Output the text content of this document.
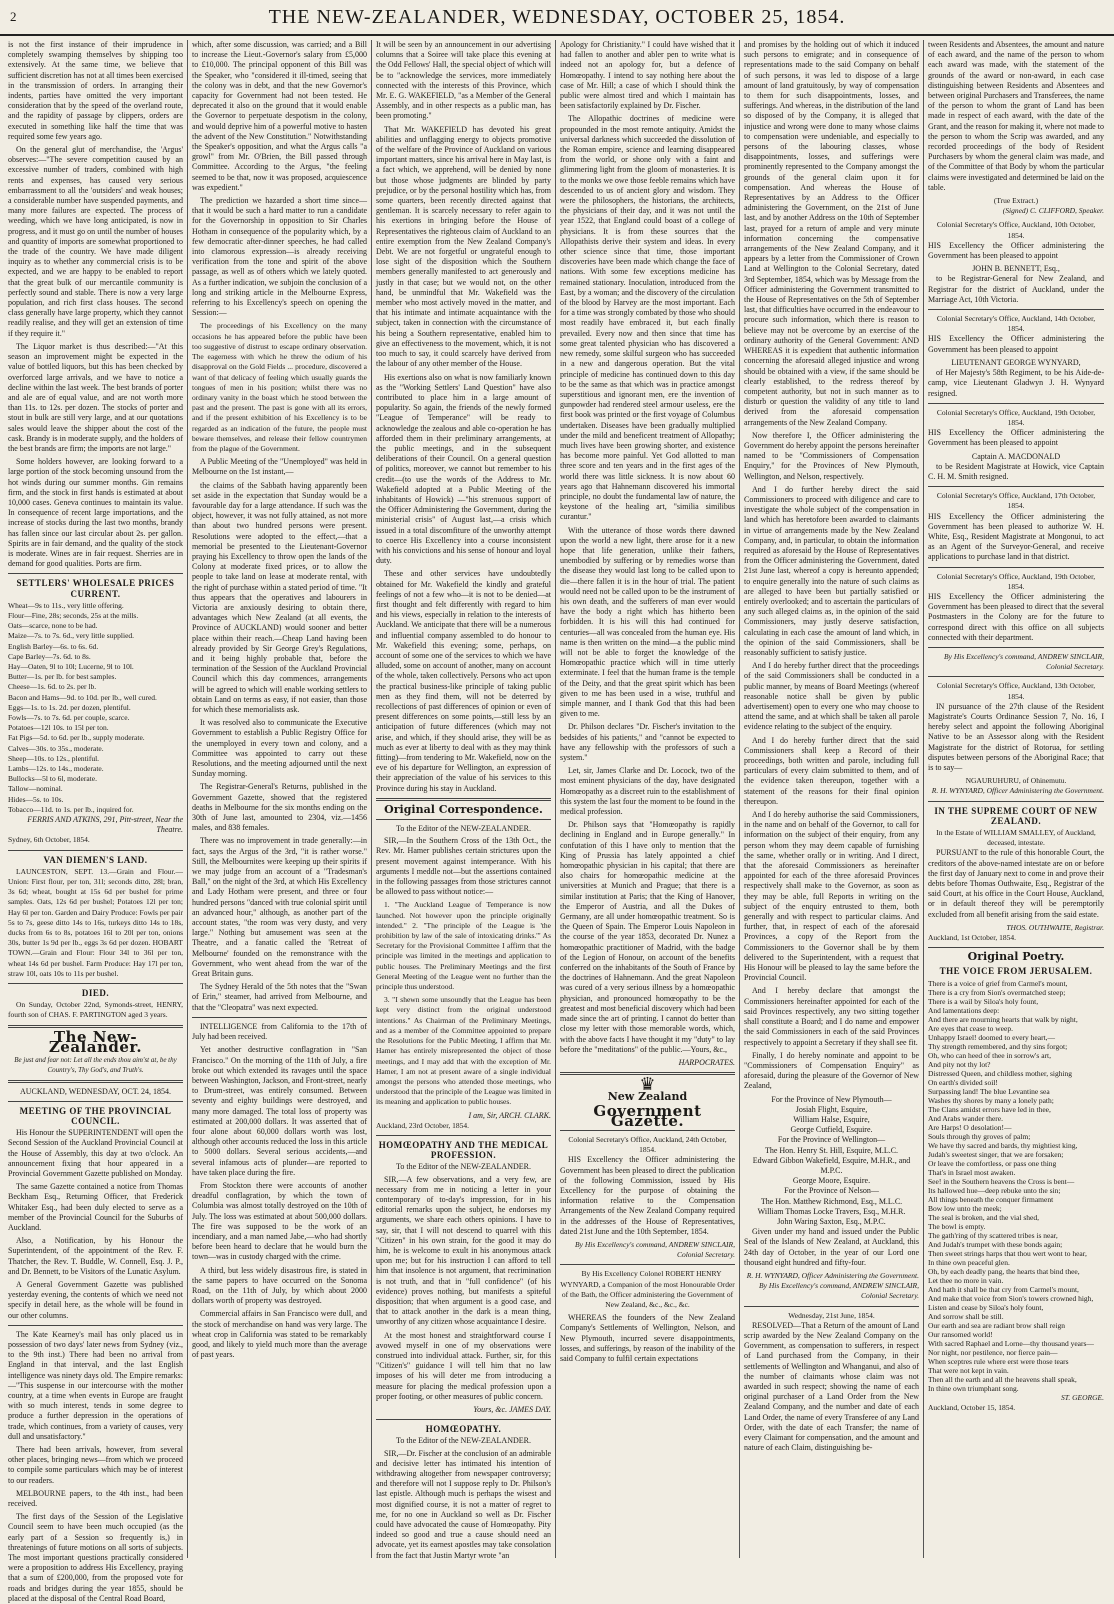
2	THE NEW-ZEALANDER, WEDNESDAY, OCTOBER 25, 1854.

is not the first instance of their imprudence in completely swamping themselves by shipping too extensively. At the same time, we believe that sufficient discretion has not at all times been exercised in the transmission of orders. In arranging their indents, parties have omitted the very important consideration that by the speed of the overland route, and the rapidity of passage by clippers, orders are executed in something like half the time that was required some few years ago.

On the general glut of merchandise, the 'Argus' observes:—"The severe competition caused by an excessive number of traders, combined with high rents and expenses, has caused very serious embarrassment to all the 'outsiders' and weak houses; a considerable number have suspended payments, and many more failures are expected. The process of weeding, which we have long anticipated, is now in progress, and it must go on until the number of houses and quantity of imports are somewhat proportioned to the trade of the country. We have made diligent inquiry as to whether any commercial crisis is to be expected, and we are happy to be enabled to report that the great bulk of our mercantile community is perfectly sound and stable. There is now a very large population, and rich first class houses. The second class generally have large property, which they cannot readily realise, and they will get an extension of time if they require it."

The Liquor market is thus described:—"At this season an improvement might be expected in the value of bottled liquors, but this has been checked by overforced large arrivals, and we have to notice a decline within the last week. The best brands of porter and ale are of equal value, and are not worth more than 11s. to 12s. per dozen. The stocks of porter and stout in bulk are still very large, and at our quotations sales would leave the shipper about the cost of the cask. Brandy is in moderate supply, and the holders of the best brands are firm; the imports are not large."

Some holders however, are looking forward to a large portion of the stock becoming unsound from the hot winds during our summer months. Gin remains firm, and the stock in first hands is estimated at about 10,000 cases. Geneva continues to maintain its value. In consequence of recent large importations, and the increase of stocks during the last two months, brandy has fallen since our last circular about 2s. per gallon. Spirits are in fair demand, and the quality of the stock is moderate. Wines are in fair request. Sherries are in demand for good qualities. Ports are firm.

SETTLERS' WHOLESALE PRICES CURRENT.
Wheat—9s to 11s., very little offering.
Flour—Fine, 28s; seconds, 25s at the mills.
Oats—scarce, none to be had.
Maize—7s. to 7s. 6d., very little supplied.
English Barley—6s. to 6s. 6d.
Cape Barley—7s. 6d. to 8s.
Hay—Oaten, 9l to 10l; Lucerne, 9l to 10l.
Butter—1s. per lb. for best samples.
Cheese—1s. 6d. to 2s. per lb.
Bacon and Hams—9d. to 10d. per lb., well cured.
Eggs—1s. to 1s. 2d. per dozen, plentiful.
Fowls—7s. to 7s. 6d. per couple, scarce.
Potatoes—12l 10s. to 15l per ton.
Fat Pigs—5d. to 6d. per lb., supply moderate.
Calves—30s. to 35s., moderate.
Sheep—10s. to 12s., plentiful.
Lambs—12s. to 14s., moderate.
Bullocks—5l to 6l, moderate.
Tallow—nominal.
Hides—5s. to 10s.
Tobacco—11d. to 1s. per lb., inquired for.
FERRIS AND ATKINS, 291, Pitt-street, Near the Theatre.
Sydney, 6th October, 1854.
VAN DIEMEN'S LAND.

LAUNCESTON, SEPT. 13.—Grain and Flour.—Union: First flour, per ton, 31l; seconds ditto, 28l; bran, 3s 6d; wheat, bought at 15s 6d per bushel for prime samples. Oats, 12s 6d per bushel; Potatoes 12l per ton; Hay 6l per ton. Garden and Dairy Produce: Fowls per pair 5s to 7s, geese ditto 14s to 16s, turkeys ditto 14s to 18s, ducks from 6s to 8s, potatoes 16l to 20l per ton, onions 30s, butter 1s 9d per lb., eggs 3s 6d per dozen. HOBART TOWN.—Grain and Flour: Flour 34l to 36l per ton, wheat 14s 6d per bushel. Farm Produce: Hay 17l per ton, straw 10l, oats 10s to 11s per bushel.

DIED.

On Sunday, October 22nd, Symonds-street, HENRY, fourth son of CHAS. F. PARTINGTON aged 3 years.

The New-Zealander.
Be just and fear not: Let all the ends thou aim'st at, be thy Country's, Thy God's, and Truth's.
AUCKLAND, WEDNESDAY, OCT. 24, 1854.
MEETING OF THE PROVINCIAL COUNCIL.

His Honour the SUPERINTENDENT will open the Second Session of the Auckland Provincial Council at the House of Assembly, this day at two o'clock. An announcement fixing that hour appeared in a Provincial Government Gazette published on Monday.

The same Gazette contained a notice from Thomas Beckham Esq., Returning Officer, that Frederick Whitaker Esq., had been duly elected to serve as a member of the Provincial Council for the Suburbs of Auckland.

Also, a Notification, by his Honour the Superintendent, of the appointment of the Rev. F. Thatcher, the Rev. T. Buddle, W. Connell, Esq. J. P., and Dr. Bennett, to be Visitors of the Lunatic Asylum.

A General Government Gazette was published yesterday evening, the contents of which we need not specify in detail here, as the whole will be found in our other columns.

The Kate Kearney's mail has only placed us in possession of two days' later news from Sydney (viz., to the 9th inst.) There had been no arrival from England in that interval, and the last English intelligence was ninety days old. The Empire remarks:—"This suspense in our intercourse with the mother country, at a time when events in Europe are fraught with so much interest, tends in some degree to produce a further depression in the operations of trade, which continues, from a variety of causes, very dull and unsatisfactory."

There had been arrivals, however, from several other places, bringing news—from which we proceed to compile some particulars which may be of interest to our readers.

MELBOURNE papers, to the 4th inst., had been received.

The first days of the Session of the Legislative Council seem to have been much occupied (as the early part of a Session so frequently is,) in threatenings of future motions on all sorts of subjects. The most important questions practically considered were a proposition to address His Excellency, praying that a sum of £200,000, from the proposed vote for roads and bridges during the year 1855, should be placed at the disposal of the Central Road Board,

which, after some discussion, was carried; and a Bill to increase the Lieut.-Governor's salary from £5,000 to £10,000. The principal opponent of this Bill was the Speaker, who "considered it ill-timed, seeing that the colony was in debt, and that the new Governor's capacity for Government had not been tested. He deprecated it also on the ground that it would enable the Governor to perpetuate despotism in the colony, and would deprive him of a powerful motive to hasten the advent of the New Constitution." Notwithstanding the Speaker's opposition, and what the Argus calls "a growl" from Mr. O'Brien, the Bill passed through Committee. According to the Argus, "the feeling seemed to be that, now it was proposed, acquiescence was expedient."

The prediction we hazarded a short time since—that it would be such a hard matter to run a candidate for the Governorship in opposition to Sir Charles Hotham in consequence of the popularity which, by a few democratic after-dinner speeches, he had called into clamorous expression—is already receiving verification from the tone and spirit of the above passage, as well as of others which we lately quoted. As a further indication, we subjoin the conclusion of a long and striking article in the Melbourne Express, referring to his Excellency's speech on opening the Session:—

The proceedings of his Excellency on the many occasions he has appeared before the public have been too suggestive of distrust to escape ordinary observation. The eagerness with which he threw the odium of his disapproval on the Gold Fields ... procedure, discovered a want of that delicacy of feeling which usually guards the tongues of men in his position; whilst there was no ordinary vanity in the boast which he stood between the past and the present. The past is gone with all its errors, and if the present exhibition of his Excellency is to be regarded as an indication of the future, the people must beware themselves, and release their fellow countrymen from the plague of the Government.

A Public Meeting of the "Unemployed" was held in Melbourne on the 1st instant,—

the claims of the Sabbath having apparently been set aside in the expectation that Sunday would be a favourable day for a large attendance. If such was the object, however, it was not fully attained, as not more than about two hundred persons were present. Resolutions were adopted to the effect,—that a memorial be presented to the Lieutenant-Governor praying his Excellency to throw open the lands of the Colony at moderate fixed prices, or to allow the people to take land on lease at moderate rental, with the right of purchase within a stated period of time. "It thus appears that the operatives and labourers in Victoria are anxiously desiring to obtain there, advantages which New Zealand (at all events, the Province of AUCKLAND) would sooner and better place within their reach.—Cheap Land having been already provided by Sir George Grey's Regulations, and it being highly probable that, before the termination of the Session of the Auckland Provincial Council which this day commences, arrangements will be agreed to which will enable working settlers to obtain Land on terms as easy, if not easier, than those for which these memorialists ask.

It was resolved also to communicate the Executive Government to establish a Public Registry Office for the unemployed in every town and colony, and a Committee was appointed to carry out these Resolutions, and the meeting adjourned until the next Sunday morning.

The Registrar-General's Returns, published in the Government Gazette, showed that the registered deaths in Melbourne for the six months ending on the 30th of June last, amounted to 2304, viz.—1456 males, and 838 females.

There was no improvement in trade generally:—in fact, says the Argus of the 3rd, "it is rather worse." Still, the Melbournites were keeping up their spirits if we may judge from an account of a "Tradesman's Ball," on the night of the 3rd, at which His Excellency and Lady Hotham were present, and three or four hundred persons "danced with true colonial spirit until an advanced hour," although, as another part of the account states, "the room was very dusty, and very large." Nothing but amusement was seen at the Theatre, and a fanatic called the 'Retreat of Melbourne' founded on the remonstrance with the Government, who went ahead from the war of the Great Britain guns.

The Sydney Herald of the 5th notes that the "Swan of Erin," steamer, had arrived from Melbourne, and that the "Cleopatra" was next expected.

INTELLIGENCE from California to the 17th of July had been received.

Yet another destructive conflagration in "San Francisco." On the morning of the 11th of July, a fire broke out which extended its ravages until the space between Washington, Jackson, and Front-street, nearly to Drum-street, was entirely consumed. Between seventy and eighty buildings were destroyed, and many more damaged. The total loss of property was estimated at 200,000 dollars. It was asserted that of four alone about 60,000 dollars worth was lost, although other accounts reduced the loss in this article to 5000 dollars. Several serious accidents,—and several infamous acts of plunder—are reported to have taken place during the fire.

From Stockton there were accounts of another dreadful conflagration, by which the town of Columbia was almost totally destroyed on the 10th of July. The loss was estimated at about 500,000 dollars. The fire was supposed to be the work of an incendiary, and a man named Jabe,—who had shortly before been heard to declare that he would burn the town—was in custody charged with the crime.

A third, but less widely disastrous fire, is stated in the same papers to have occurred on the Sonoma Road, on the 11th of July, by which about 2000 dollars worth of property was destroyed.

Commercial affairs in San Francisco were dull, and the stock of merchandise on hand was very large. The wheat crop in California was stated to be remarkably good, and likely to yield much more than the average of past years.

It will be seen by an announcement in our advertising columns that a Soiree will take place this evening at the Odd Fellows' Hall, the special object of which will be to "acknowledge the services, more immediately connected with the interests of this Province, which Mr. E. G. WAKEFIELD, "as a Member of the General Assembly, and in other respects as a public man, has been promoting."

That Mr. WAKEFIELD has devoted his great abilities and unflagging energy to objects promotive of the welfare of the Province of Auckland on various important matters, since his arrival here in May last, is a fact which, we apprehend, will be denied by none but those whose judgments are blinded by party prejudice, or by the personal hostility which has, from some quarters, been recently directed against that gentleman. It is scarcely necessary to refer again to his exertions in bringing before the House of Representatives the righteous claim of Auckland to an entire exemption from the New Zealand Company's Debt. We are not forgetful or ungrateful enough to lose sight of the disposition which the Southern members generally manifested to act generously and justly in that case; but we would not, on the other hand, be unmindful that Mr. Wakefield was the member who most actively moved in the matter, and that his intimate and intimate acquaintance with the subject, taken in connection with the circumstance of his being a Southern representative, enabled him to give an effectiveness to the movement, which, it is not too much to say, it could scarcely have derived from the labour of any other member of the House.

His exertions also on what is now familiarly known as the "Working Settlers' Land Question" have also contributed to place him in a large amount of popularity. So again, the friends of the newly formed "League of Temperance" will be ready to acknowledge the zealous and able co-operation he has afforded them in their preliminary arrangements, at the public meetings, and in the subsequent deliberations of their Council. On a general question of politics, moreover, we cannot but remember to his credit—(to use the words of the Address to Mr. Wakefield adopted at a Public Meeting of the inhabitants of Howick) —"his strenuous support of the Officer Administering the Government, during the ministerial crisis" of August last,—a crisis which issued in a total discomfiture of the unworthy attempt to coerce His Excellency into a course inconsistent with his convictions and his sense of honour and loyal duty.

These and other services have undoubtedly obtained for Mr. Wakefield the kindly and grateful feelings of not a few who—it is not to be denied—at first thought and felt differently with regard to him and his views, especially in relation to the interests of Auckland. We anticipate that there will be a numerous and influential company assembled to do honour to Mr. Wakefield this evening; some, perhaps, on account of some one of the services to which we have alluded, some on account of another, many on account of the whole, taken collectively. Persons who act upon the practical business-like principle of taking public men as they find them, will not be deterred by recollections of past differences of opinion or even of present differences on some points,—still less by an anticipation of future differences (which may not arise, and which, if they should arise, they will be as much as ever at liberty to deal with as they may think fitting)—from tendering to Mr. Wakefield, now on the eve of his departure for Wellington, an expression of their appreciation of the value of his services to this Province during his stay in Auckland.

Original Correspondence.
To the Editor of the NEW-ZEALANDER.

SIR,—In the Southern Cross of the 13th Oct., the Rev. Mr. Hamer publishes certain strictures upon the present movement against intemperance. With his arguments I meddle not—but the assertions contained in the following passages from those strictures cannot be allowed to pass without notice:—

1. "The Auckland League of Temperance is now launched. Not however upon the principle originally intended." 2. "The principle of the League is 'the prohibition by law of the sale of intoxicating drinks.'" As Secretary for the Provisional Committee I affirm that the principle was limited in the meetings and application to public houses. The Preliminary Meetings and the first General Meeting of the League went no further than the principle thus understood.

3. "I shewn some unsoundly that the League has been kept very distinct from the original understood intentions." As Chairman of the Preliminary Meetings, and as a member of the Committee appointed to prepare the Resolutions for the Public Meeting, I affirm that Mr. Hamer has entirely misrepresented the object of those meetings, and I may add that with the exception of Mr. Hamer, I am not at present aware of a single individual amongst the persons who attended those meetings, who understood that the principle of the League was limited in its meaning and application to public houses.

I am, Sir, ARCH. CLARK.
Auckland, 23rd October, 1854.
HOMŒOPATHY AND THE MEDICAL PROFESSION.
To the Editor of the NEW-ZEALANDER.

SIR,—A few observations, and a very few, are necessary from me in noticing a letter in your contemporary of to-day's impression, for in his editorial remarks upon the subject, he endorses my arguments, we share each others opinions. I have to say, sir, that I will not descend to quarrel with this "Citizen" in his own strain, for the good it may do him, he is welcome to exult in his anonymous attack upon me; but for his instruction I can afford to tell him that insolence is not argument, that recrimination is not truth, and that in "full confidence" (of his evidence) proves nothing, but manifests a spiteful disposition; that when argument is a good case, and that to attack another in the dark is a mean thing, unworthy of any citizen whose acquaintance I desire.

At the most honest and straightforward course I avowed myself in one of my observations were construed into individual attack. Further, sir, for this "Citizen's" guidance I will tell him that no law imposes of his will deter me from introducing a measure for placing the medical profession upon a proper footing, or other measures of public concern.

Yours, &c. JAMES DAY.
HOMŒOPATHY.
To the Editor of the NEW-ZEALANDER.

SIR,—Dr. Fischer at the conclusion of an admirable and decisive letter has intimated his intention of withdrawing altogether from newspaper controversy; and therefore will not I suppose reply to Dr. Philson's last epistle. Although much is perhaps the wisest and most dignified course, it is not a matter of regret to me, for no one in Auckland so well as Dr. Fischer could have advocated the cause of Homœopathy. Pity indeed so good and true a cause should need an advocate, yet its earnest apostles may take consolation from the fact that Justin Martyr wrote "an

Apology for Christianity." I could have wished that it had fallen to another and abler pen to write what is indeed not an apology for, but a defence of Homœopathy. I intend to say nothing here about the case of Mr. Hill; a case of which I should think the public were almost tired and which I maintain has been satisfactorily explained by Dr. Fischer.

The Allopathic doctrines of medicine were propounded in the most remote antiquity. Amidst the universal darkness which succeeded the dissolution of the Roman empire, science and learning disappeared from the world, or shone only with a faint and glimmering light from the gloom of monasteries. It is to the monks we owe those feeble remains which have descended to us of ancient glory and wisdom. They were the philosophers, the historians, the architects, the physicians of their day, and it was not until the year 1522, that England could boast of a college of physicians. It is from these sources that the Allopathists derive their system and ideas. In every other science since that time, those important discoveries have been made which change the face of nations. With some few exceptions medicine has remained stationary. Inoculation, introduced from the East, by a woman; and the discovery of the circulation of the blood by Harvey are the most important. Each for a time was strongly combated by those who should most readily have embraced it, but each finally prevailed. Every now and then since that time has some great talented physician who has discovered a new remedy, some skilful surgeon who has succeeded in a new and dangerous operation. But the vital principle of medicine has continued down to this day to be the same as that which was in practice amongst superstitious and ignorant men, ere the invention of gunpowder had rendered steel armour useless, ere the first book was printed or the first voyage of Columbus undertaken. Diseases have been gradually multiplied under the mild and beneficent treatment of Allopathy; much lives have been growing shorter, and existence has become more painful. Yet God allotted to man three score and ten years and in the first ages of the world there was little sickness. It is now about 60 years ago that Hahnemann discovered his immortal principle, no doubt the fundamental law of nature, the keystone of the healing art, "similia similibus curantur."

With the utterance of those words there dawned upon the world a new light, there arose for it a new hope that life generation, unlike their fathers, unembodied by suffering or by remedies worse than the disease they would last long to be called upon to die—there fallen it is in the hour of trial. The patient would need not be called upon to be the instrument of his own death, and the sufferers of man ever would have the body a right which has hitherto been forbidden. It is his will this had continued for centuries—all was concealed from the human eye. His name is then written on the mind—a the public mind will not be able to forget the knowledge of the Homœopathic practice which will in time utterly exterminate. I feel that the human frame is the temple of the Deity, and that the great spirit which has been given to me has been used in a wise, truthful and simple manner, and I thank God that this had been given to me.

Dr. Philson declares "Dr. Fischer's invitation to the bedsides of his patients," and "cannot be expected to have any fellowship with the professors of such a system."

Let, sir, James Clarke and Dr. Locock, two of the most eminent physicians of the day, have designated Homœopathy as a discreet ruin to the establishment of this system the last four the moment to be found in the medical profession.

Dr. Philson says that "Homœopathy is rapidly declining in England and in Europe generally." In confutation of this I have only to mention that the King of Prussia has lately appointed a chief homœopathic physician in his capital; that there are also chairs for homœopathic medicine at the universities at Munich and Prague; that there is a similar institution at Paris; that the King of Hanover, the Emperor of Austria, and all the Dukes of Germany, are all under homœopathic treatment. So is the Queen of Spain. The Emperor Louis Napoleon in the course of the year 1853, decorated Dr. Nunez a homœopathic practitioner of Madrid, with the badge of the Legion of Honour, on account of the benefits conferred on the inhabitants of the South of France by the doctrines of Hahnemann. And the great Napoleon was cured of a very serious illness by a homœopathic physician, and pronounced homœopathy to be the greatest and most beneficial discovery which had been made since the art of printing. I cannot do better than close my letter with those memorable words, which, with the above facts I have thought it my "duty" to lay before the "meditations" of the public.—Yours, &c.,

HARPOCRATES.
♛
New Zealand
Government Gazette.
Colonial Secretary's Office, Auckland, 24th October, 1854.

HIS Excellency the Officer administering the Government has been pleased to direct the publication of the following Commission, issued by His Excellency for the purpose of obtaining the information relative to the Compensation Arrangements of the New Zealand Company required in the addresses of the House of Representatives, dated 21st June and the 10th September, 1854.

By His Excellency's command, ANDREW SINCLAIR, Colonial Secretary.

By His Excellency Colonel ROBERT HENRY WYNYARD, a Companion of the most Honourable Order of the Bath, the Officer administering the Government of New Zealand, &c., &c., &c.

WHEREAS the founders of the New Zealand Company's Settlements of Wellington, Nelson, and New Plymouth, incurred severe disappointments, losses, and sufferings, by reason of the inability of the said Company to fulfil certain expectations

and promises by the holding out of which it induced such persons to emigrate; and in consequence of representations made to the said Company on behalf of such persons, it was led to dispose of a large amount of land gratuitously, by way of compensation to them for such disappointments, losses, and sufferings. And whereas, in the distribution of the land so disposed of by the Company, it is alleged that injustice and wrong were done to many whose claims to compensation were undeniable, and especially to persons of the labouring classes, whose disappointments, losses, and sufferings were prominently represented to the Company amongst the grounds of the general claim upon it for compensation. And whereas the House of Representatives by an Address to the Officer administering the Government, on the 21st of June last, and by another Address on the 10th of September last, prayed for a return of ample and very minute information concerning the compensative arrangements of the New Zealand Company, and it appears by a letter from the Commissioner of Crown Land at Wellington to the Colonial Secretary, dated 3rd September, 1854, which was by Message from the Officer administering the Government transmitted to the House of Representatives on the 5th of September last, that difficulties have occurred in the endeavour to procure such information, which there is reason to believe may not be overcome by an exercise of the ordinary authority of the General Government: AND WHEREAS it is expedient that authentic information concerning the aforesaid alleged injustice and wrong should be obtained with a view, if the same should be clearly established, to the redress thereof by competent authority, but not in such manner as to disturb or question the validity of any title to land derived from the aforesaid compensation arrangements of the New Zealand Company.

Now therefore I, the Officer administering the Government do hereby appoint the persons hereinafter named to be "Commissioners of Compensation Enquiry," for the Provinces of New Plymouth, Wellington, and Nelson, respectively.

And I do further hereby direct the said Commissioners to proceed with diligence and care to investigate the whole subject of the compensation in land which has heretofore been awarded to claimants in virtue of arrangements made by the New Zealand Company, and, in particular, to obtain the information required as aforesaid by the House of Representatives from the Officer administering the Government, dated 21st June last, whereof a copy is hereunto appended; to enquire generally into the nature of such claims as are alleged to have been but partially satisfied or entirely overlooked; and to ascertain the particulars of any such alleged claims as, in the opinion of the said Commissioners, may justly deserve satisfaction, calculating in each case the amount of land which, in the opinion of the said Commissioners, shall be reasonably sufficient to satisfy justice.

And I do hereby further direct that the proceedings of the said Commissioners shall be conducted in a public manner, by means of Board Meetings (whereof reasonable notice shall be given by public advertisement) open to every one who may choose to attend the same, and at which shall be taken all parole evidence relating to the subject of the enquiry.

And I do hereby further direct that the said Commissioners shall keep a Record of their proceedings, both written and parole, including full particulars of every claim submitted to them, and of the evidence taken thereupon, together with a statement of the reasons for their final opinion thereupon.

And I do hereby authorise the said Commissioners, in the name and on behalf of the Governor, to call for information on the subject of their enquiry, from any person whom they may deem capable of furnishing the same, whether orally or in writing. And I direct, that the aforesaid Commissioners as hereinafter appointed for each of the three aforesaid Provinces respectively shall make to the Governor, as soon as they may be able, full Reports in writing on the subject of the enquiry entrusted to them, both generally and with respect to particular claims. And further, that, in respect of each of the aforesaid Provinces, a copy of the Report from the Commissioners to the Governor shall be by them delivered to the Superintendent, with a request that His Honour will be pleased to lay the same before the Provincial Council.

And I hereby declare that amongst the Commissioners hereinafter appointed for each of the said Provinces respectively, any two sitting together shall constitute a Board; and I do name and empower the said Commissioners in each of the said Provinces respectively to appoint a Secretary if they shall see fit.

Finally, I do hereby nominate and appoint to be "Commissioners of Compensation Enquiry" as aforesaid, during the pleasure of the Governor of New Zealand,

For the Province of New Plymouth—
Josiah Flight, Esquire,
William Halse, Esquire,
George Cutfield, Esquire.
For the Province of Wellington—
The Hon. Henry St. Hill, Esquire, M.L.C.
Edward Gibbon Wakefield, Esquire, M.H.R., and M.P.C.
George Moore, Esquire.
For the Province of Nelson—
The Hon. Matthew Richmond, Esq., M.L.C.
William Thomas Locke Travers, Esq., M.H.R.
John Waring Saxton, Esq., M.P.C.

Given under my hand and issued under the Public Seal of the Islands of New Zealand, at Auckland, this 24th day of October, in the year of our Lord one thousand eight hundred and fifty-four.

R. H. WYNYARD, Officer Administering the Government.
By His Excellency's command, ANDREW SINCLAIR, Colonial Secretary.
Wednesday, 21st June, 1854.

RESOLVED—That a Return of the amount of Land scrip awarded by the New Zealand Company on the Government, as compensation to sufferers, in respect of Land purchased from the Company, in their settlements of Wellington and Whanganui, and also of the number of claimants whose claim was not awarded in such respect; showing the name of each original purchaser of a Land Order from the New Zealand Company, and the number and date of each Land Order, the name of every Transferee of any Land Order, with the date of each Transfer; the name of every Claimant for compensation, and the amount and nature of each Claim, distinguishing be-

tween Residents and Absentees, the amount and nature of each award, and the name of the person to whom each award was made, with the statement of the grounds of the award or non-award, in each case distinguishing between Residents and Absentees and between original Purchasers and Transferees, the name of the person to whom the grant of Land has been made in respect of each award, with the date of the Grant, and the reason for making it, where not made to the person to whom the Scrip was awarded, and any recorded proceedings of the body of Resident Purchasers by whom the general claim was made, and of the Committee of that Body by whom the particular claims were investigated and determined be laid on the table.

(True Extract.)
(Signed) C. CLIFFORD, Speaker.
Colonial Secretary's Office, Auckland, 10th October, 1854.

HIS Excellency the Officer administering the Government has been pleased to appoint

JOHN B. BENNETT, Esq.,

to be Registrar-General for New Zealand, and Registrar for the district of Auckland, under the Marriage Act, 10th Victoria.

Colonial Secretary's Office, Auckland, 14th October, 1854.

HIS Excellency the Officer administering the Government has been pleased to appoint

LIEUTENANT GEORGE WYNYARD,

of Her Majesty's 58th Regiment, to be his Aide-de-camp, vice Lieutenant Gladwyn J. H. Wynyard resigned.

Colonial Secretary's Office, Auckland, 19th October, 1854.

HIS Excellency the Officer administering the Government has been pleased to appoint

Captain A. MACDONALD

to be Resident Magistrate at Howick, vice Captain C. H. M. Smith resigned.

Colonial Secretary's Office, Auckland, 17th October, 1854.

HIS Excellency the Officer administering the Government has been pleased to authorize W. H. White, Esq., Resident Magistrate at Mongonui, to act as an Agent of the Surveyor-General, and receive applications to purchase land in that district.

Colonial Secretary's Office, Auckland, 19th October, 1854.

HIS Excellency the Officer administering the Government has been pleased to direct that the several Postmasters in the Colony are for the future to correspond direct with this office on all subjects connected with their department.

By His Excellency's command, ANDREW SINCLAIR, Colonial Secretary.
Colonial Secretary's Office, Auckland, 13th October, 1854.

IN pursuance of the 27th clause of the Resident Magistrate's Courts Ordinance Session 7, No. 16, I hereby select and appoint the following Aboriginal Native to be an Assessor along with the Resident Magistrate for the district of Rotorua, for settling disputes between persons of the Aboriginal Race; that is to say—

NGAURUHURU, of Ohinemutu.
R. H. WYNYARD, Officer Administering the Government.
IN THE SUPREME COURT OF NEW ZEALAND.
In the Estate of WILLIAM SMALLEY, of Auckland, deceased, intestate.

PURSUANT to the rule of this honorable Court, the creditors of the above-named intestate are on or before the first day of January next to come in and prove their debts before Thomas Outhwaite, Esq., Registrar of the said Court, at his office in the Court House, Auckland, or in default thereof they will be peremptorily excluded from all benefit arising from the said estate.

THOS. OUTHWAITE, Registrar.
Auckland, 1st October, 1854.
Original Poetry.
THE VOICE FROM JERUSALEM.
There is a voice of grief from Carmel's mount,
There is a cry from Sion's overmatched steep;
There is a wail by Siloa's holy fount,
And lamentations deep:
And there are mourning hearts that walk by night,
Are eyes that cease to weep.
Unhappy Israel! doomed to every heart,—
Thy strength remembered, and thy sins forgot;
Oh, who can heed of thee in sorrow's art,
And pity not thy lot?
Distressed Queen, and childless mother, sighing
On earth's divided soil!
Surpassing land! The blue Levantine sea
Washes thy shores by many a lonely path;
The Clans amidst errors have led in thee,
And Arabs wander there.
Are Harps! O desolation!—
Souls through thy groves of palm;
We have thy sacred and bards, thy mightiest king,
Judah's sweetest singer, that we are forsaken;
Or leave the comfortless, or pass one thing
That's in Israel most awaken.
See! in the Southern heavens the Cross is bent—
Its hallowed hue—deep rebuke unto the sin;
All things beneath the conquer firmament
Bow low unto the meek;
The seal is broken, and the vial shed,
The bowl is empty.
The gath'ring of thy scattered tribes is near,
And Judah's trumpet with these bonds again;
Then sweet strings harps that thou wert wont to hear,
In thine own peaceful glen.
Oh, by each deadly pang, the hearts that bind thee,
Let thee no more in vain.
And hath it shall be that cry from Carmel's mount,
And make that voice from Sion's towers crowned high,
Listen and cease by Siloa's holy fount,
And sorrow shall be still.
Our earth and sea are radiant brow shall reign
Our ransomed world!
With sacred Raphael and Lorne—thy thousand years—
Nor night, nor pestilence, nor fierce pain—
When sceptres rule where erst were those tears
That were not kept in vain.
Then all the earth and all the heavens shall speak,
In thine own triumphant song.
ST. GEORGE.
Auckland, October 15, 1854.
